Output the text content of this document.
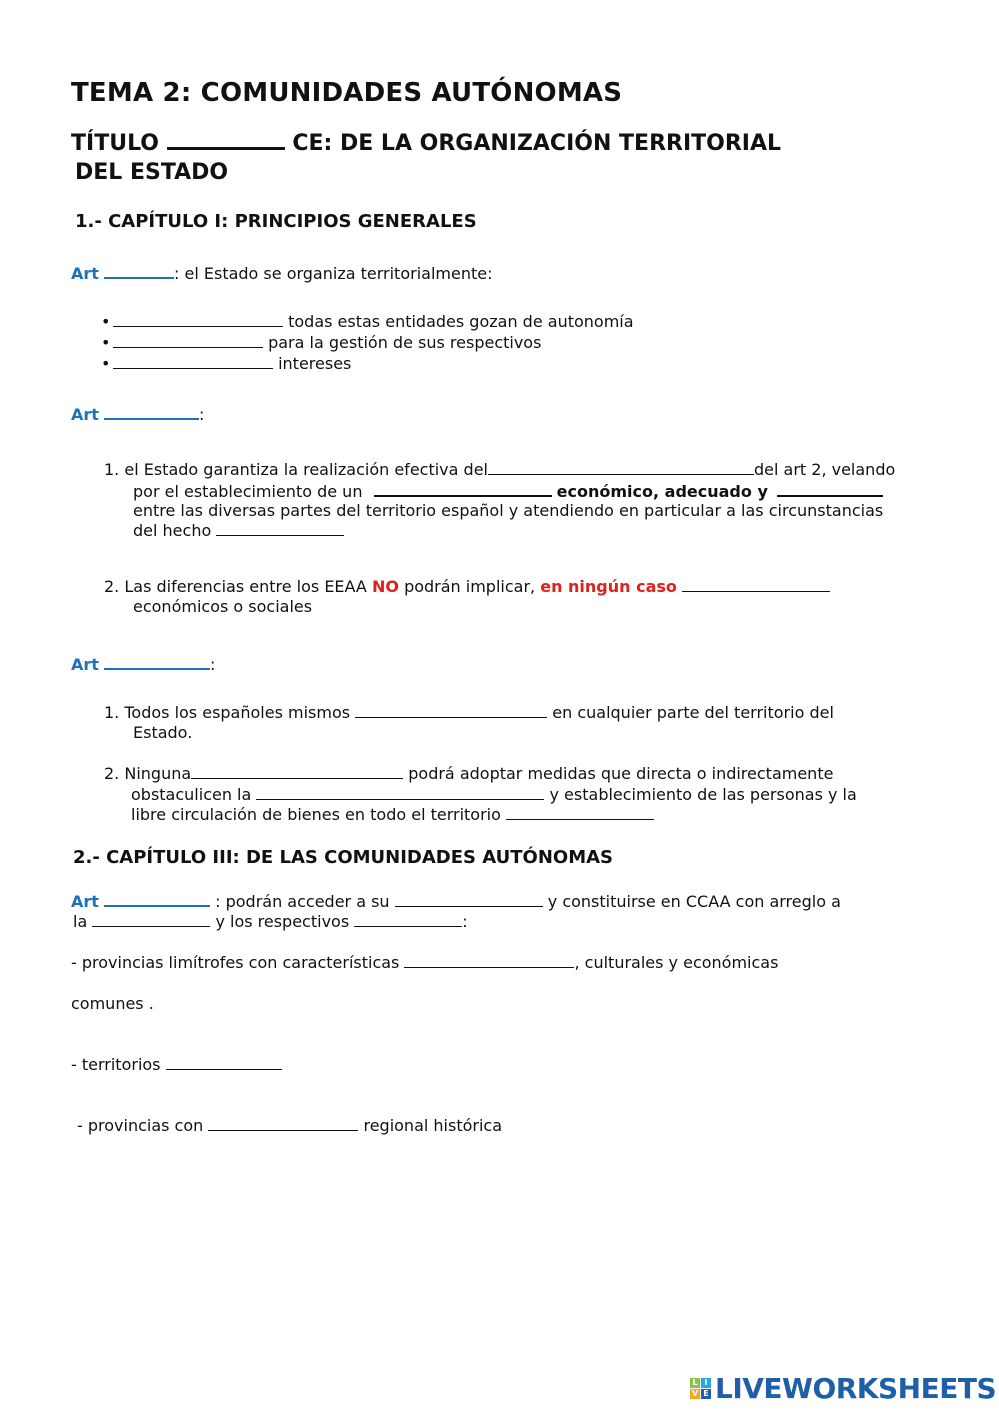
TEMA 2: COMUNIDADES AUTÓNOMAS
TÍTULO	CE: DE LA ORGANIZACIÓN TERRITORIAL
DEL ESTADO
1.- CAPÍTULO I: PRINCIPIOS GENERALES
Art	: el Estado se organiza territorialmente:
•	todas estas entidades gozan de autonomía
•	para la gestión de sus respectivos
•	intereses
Art	:
1. el Estado garantiza la realización efectiva del	del art 2, velando
por el establecimiento de un	económico, adecuado y
entre las diversas partes del territorio español y atendiendo en particular a las circunstancias
del hecho
2. Las diferencias entre los EEAA NO podrán implicar, en ningún caso
económicos o sociales
Art	:
1. Todos los españoles mismos	en cualquier parte del territorio del
Estado.
2. Ninguna	podrá adoptar medidas que directa o indirectamente
obstaculicen la	y establecimiento de las personas y la
libre circulación de bienes en todo el territorio
2.- CAPÍTULO III: DE LAS COMUNIDADES AUTÓNOMAS
Art	: podrán acceder a su	y constituirse en CCAA con arreglo a
la	y los respectivos	:
- provincias limítrofes con características	, culturales y económicas
comunes .
- territorios
- provincias con	regional histórica
L I
V E LIVEWORKSHEETS
